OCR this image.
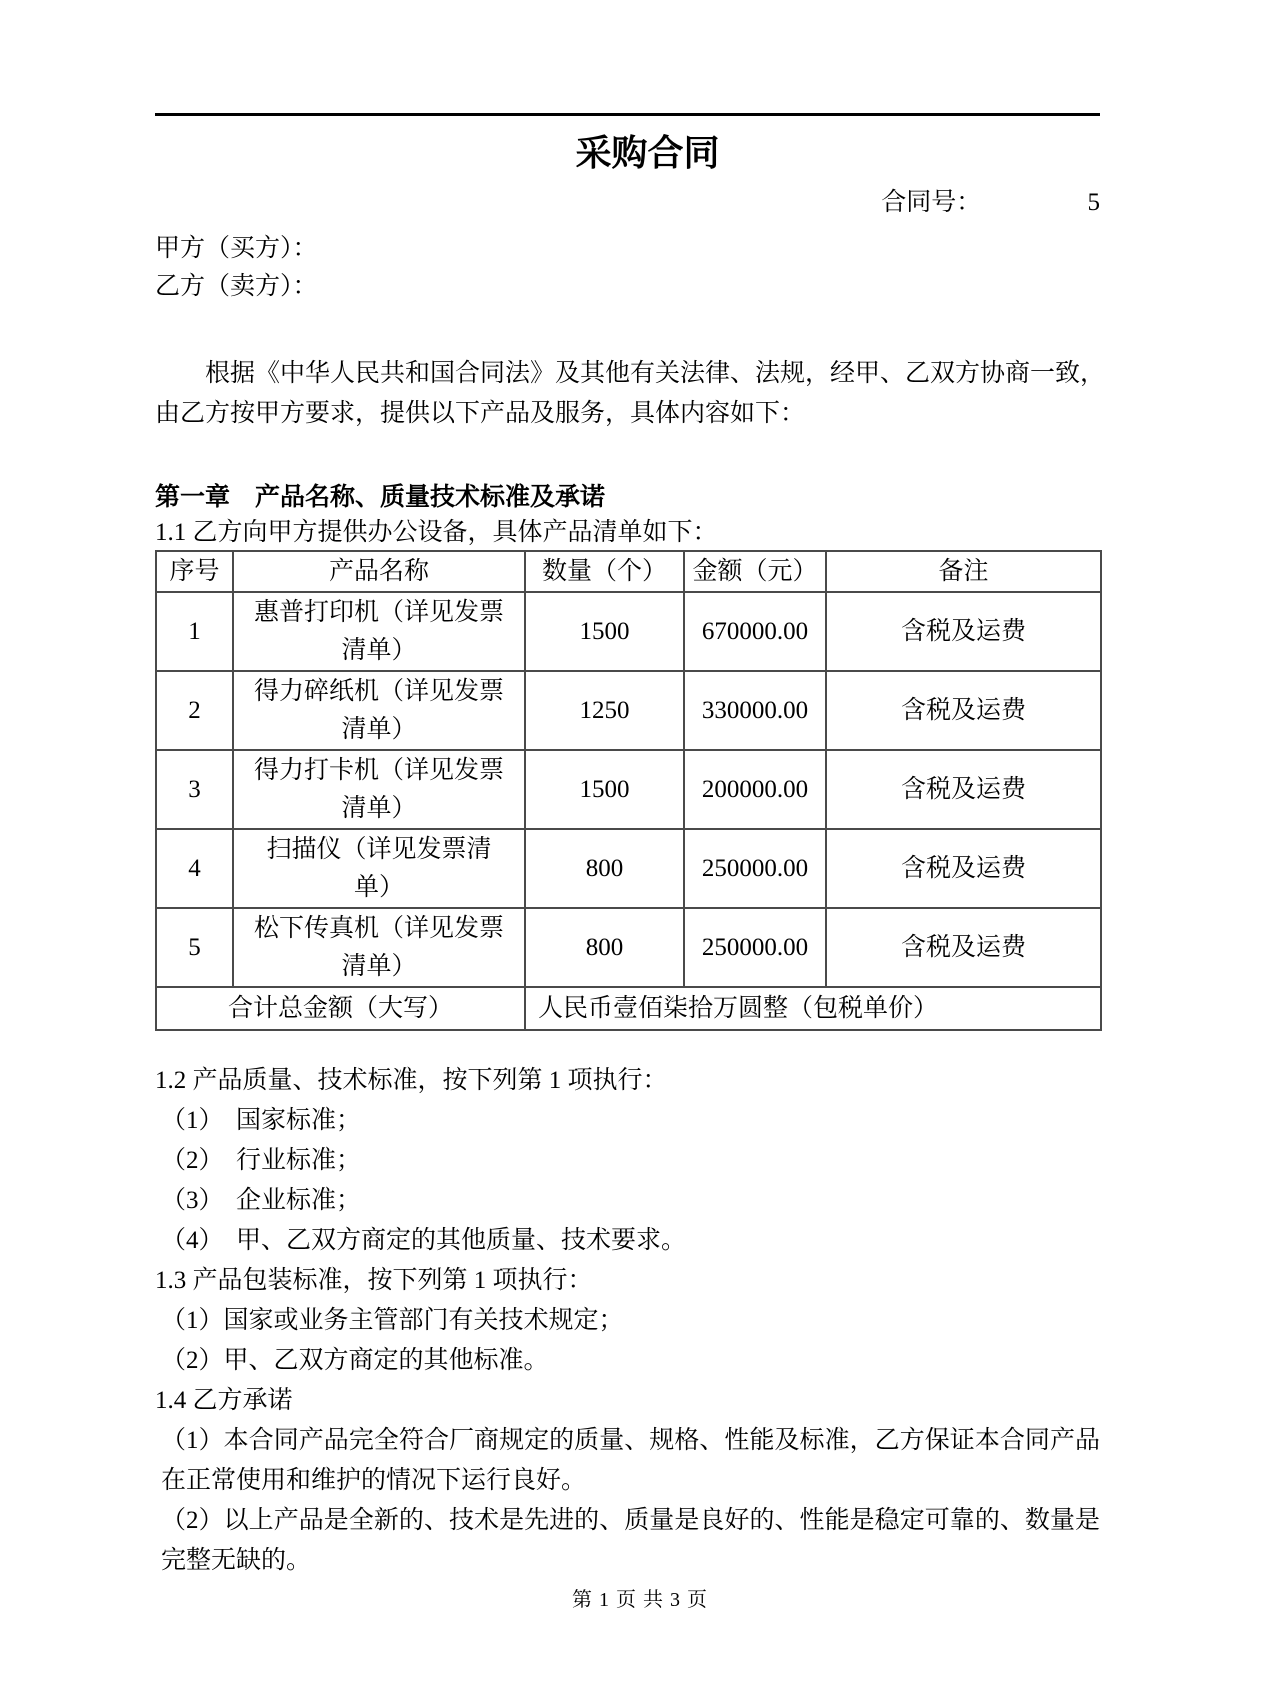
采购合同
合同号：	5
甲方（买方）：
乙方（卖方）：
根据《中华人民共和国合同法》及其他有关法律、法规，经甲、乙双方协商一致，
由乙方按甲方要求，提供以下产品及服务，具体内容如下：
第一章　产品名称、质量技术标准及承诺
1.1 乙方向甲方提供办公设备，具体产品清单如下：
序号	产品名称	数量（个）	金额（元）	备注
1	惠普打印机（详见发票清单）	1500	670000.00	含税及运费
2	得力碎纸机（详见发票清单）	1250	330000.00	含税及运费
3	得力打卡机（详见发票清单）	1500	200000.00	含税及运费
4	扫描仪（详见发票清单）	800	250000.00	含税及运费
5	松下传真机（详见发票清单）	800	250000.00	含税及运费
合计总金额（大写）		人民币壹佰柒拾万圆整（包税单价）		
1.2 产品质量、技术标准，按下列第 1 项执行：
（1）　国家标准；
（2）　行业标准；
（3）　企业标准；
（4）　甲、乙双方商定的其他质量、技术要求。
1.3 产品包装标准，按下列第 1 项执行：
（1）国家或业务主管部门有关技术规定；
（2）甲、乙双方商定的其他标准。
1.4 乙方承诺
（1）本合同产品完全符合厂商规定的质量、规格、性能及标准，乙方保证本合同产品在正常使用和维护的情况下运行良好。
（2）以上产品是全新的、技术是先进的、质量是良好的、性能是稳定可靠的、数量是完整无缺的。
第 1 页 共 3 页
